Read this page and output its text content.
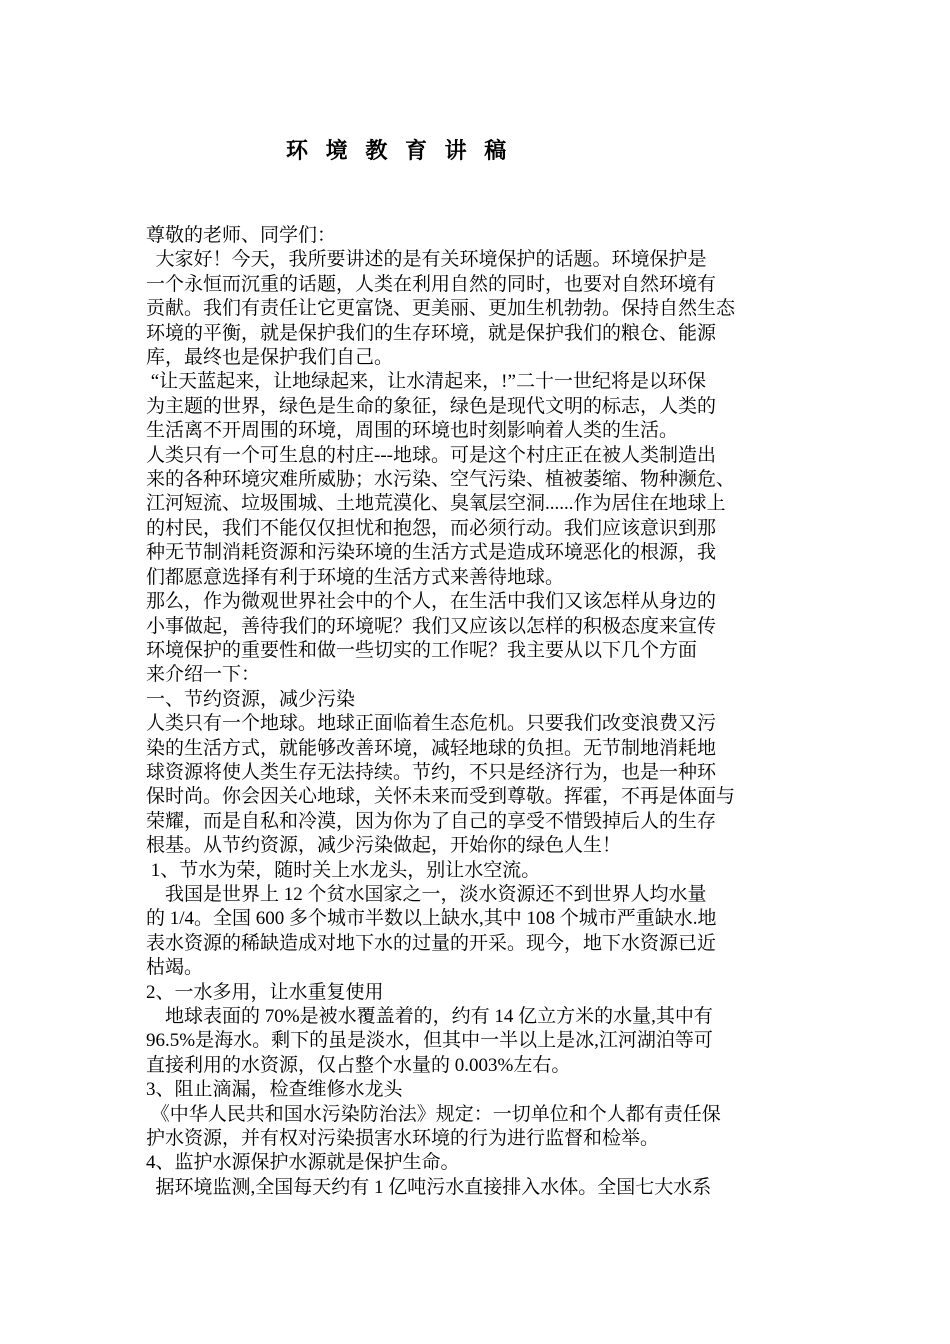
环 境 教 育 讲 稿

尊敬的老师、同学们：

大家好！今天，我所要讲述的是有关环境保护的话题。环境保护是

一个永恒而沉重的话题，人类在利用自然的同时，也要对自然环境有

贡献。我们有责任让它更富饶、更美丽、更加生机勃勃。保持自然生态

环境的平衡，就是保护我们的生存环境，就是保护我们的粮仓、能源

库，最终也是保护我们自己。

“让天蓝起来，让地绿起来，让水清起来，!”二十一世纪将是以环保

为主题的世界，绿色是生命的象征，绿色是现代文明的标志，人类的

生活离不开周围的环境，周围的环境也时刻影响着人类的生活。

人类只有一个可生息的村庄---地球。可是这个村庄正在被人类制造出

来的各种环境灾难所威胁；水污染、空气污染、植被萎缩、物种濒危、

江河短流、垃圾围城、土地荒漠化、臭氧层空洞......作为居住在地球上

的村民，我们不能仅仅担忧和抱怨，而必须行动。我们应该意识到那

种无节制消耗资源和污染环境的生活方式是造成环境恶化的根源，我

们都愿意选择有利于环境的生活方式来善待地球。

那么，作为微观世界社会中的个人，在生活中我们又该怎样从身边的

小事做起，善待我们的环境呢？我们又应该以怎样的积极态度来宣传

环境保护的重要性和做一些切实的工作呢？我主要从以下几个方面

来介绍一下：

一、节约资源，减少污染

人类只有一个地球。地球正面临着生态危机。只要我们改变浪费又污

染的生活方式，就能够改善环境，减轻地球的负担。无节制地消耗地

球资源将使人类生存无法持续。节约，不只是经济行为，也是一种环

保时尚。你会因关心地球，关怀未来而受到尊敬。挥霍，不再是体面与

荣耀，而是自私和冷漠，因为你为了自己的享受不惜毁掉后人的生存

根基。从节约资源，减少污染做起，开始你的绿色人生！

1、节水为荣，随时关上水龙头，别让水空流。

我国是世界上 12 个贫水国家之一，淡水资源还不到世界人均水量

的 1/4。全国 600 多个城市半数以上缺水,其中 108 个城市严重缺水.地

表水资源的稀缺造成对地下水的过量的开采。现今，地下水资源已近

枯竭。

2、一水多用，让水重复使用

地球表面的 70%是被水覆盖着的，约有 14 亿立方米的水量,其中有

96.5%是海水。剩下的虽是淡水，但其中一半以上是冰,江河湖泊等可

直接利用的水资源，仅占整个水量的 0.003%左右。

3、阻止滴漏，检查维修水龙头

《中华人民共和国水污染防治法》规定：一切单位和个人都有责任保

护水资源，并有权对污染损害水环境的行为进行监督和检举。

4、监护水源保护水源就是保护生命。

据环境监测,全国每天约有 1 亿吨污水直接排入水体。全国七大水系
